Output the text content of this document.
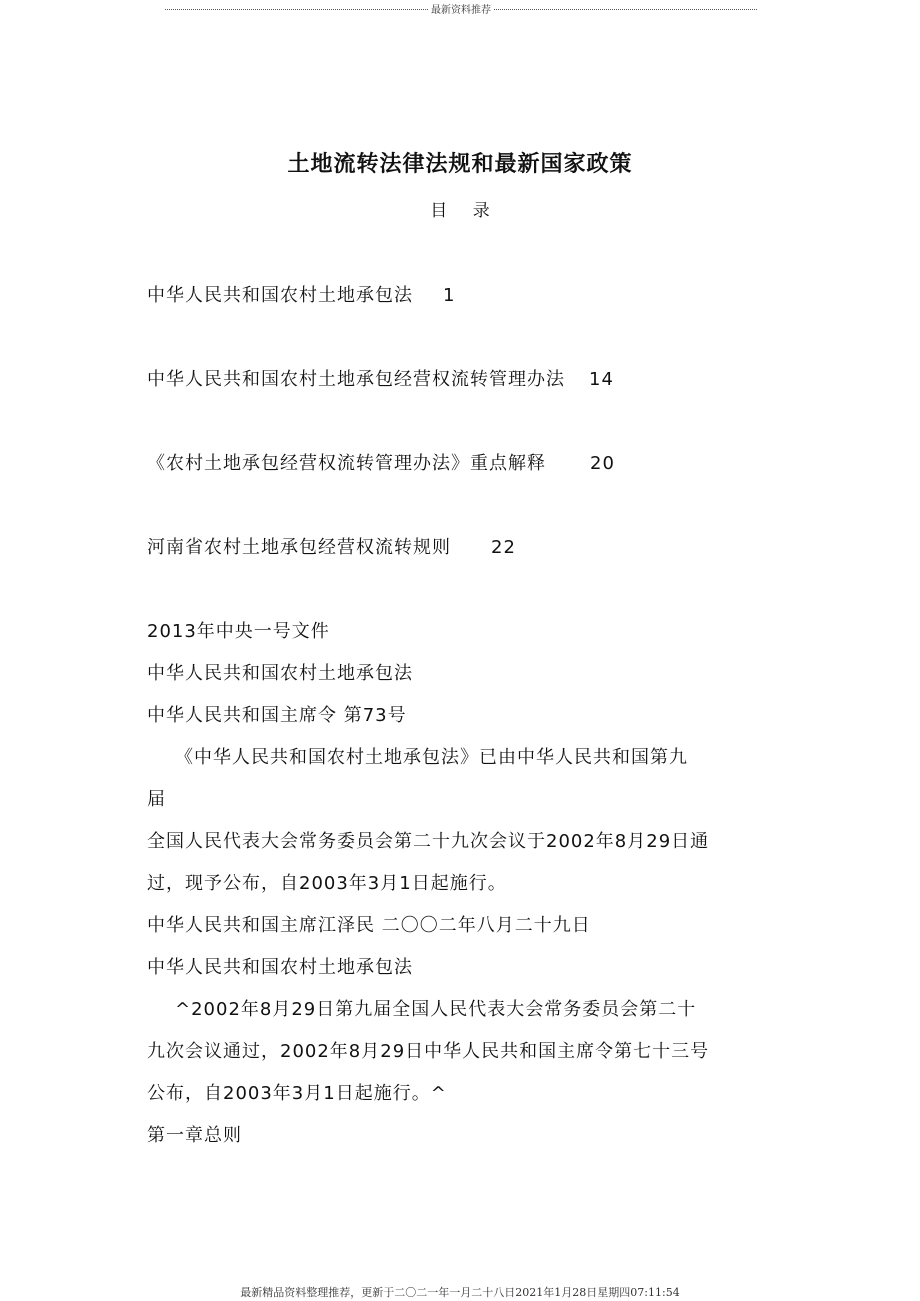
最新资料推荐
土地流转法律法规和最新国家政策
目 录
中华人民共和国农村土地承包法 1
中华人民共和国农村土地承包经营权流转管理办法 14
《农村土地承包经营权流转管理办法》重点解释 20
河南省农村土地承包经营权流转规则 22
2013年中央一号文件
中华人民共和国农村土地承包法
中华人民共和国主席令 第73号
《中华人民共和国农村土地承包法》已由中华人民共和国第九
届
全国人民代表大会常务委员会第二十九次会议于2002年8月29日通
过，现予公布，自2003年3月1日起施行。
中华人民共和国主席江泽民 二〇〇二年八月二十九日
中华人民共和国农村土地承包法
^2002年8月29日第九届全国人民代表大会常务委员会第二十
九次会议通过，2002年8月29日中华人民共和国主席令第七十三号
公布，自2003年3月1日起施行。^
第一章总则
最新精品资料整理推荐，更新于二〇二一年一月二十八日2021年1月28日星期四07:11:54
